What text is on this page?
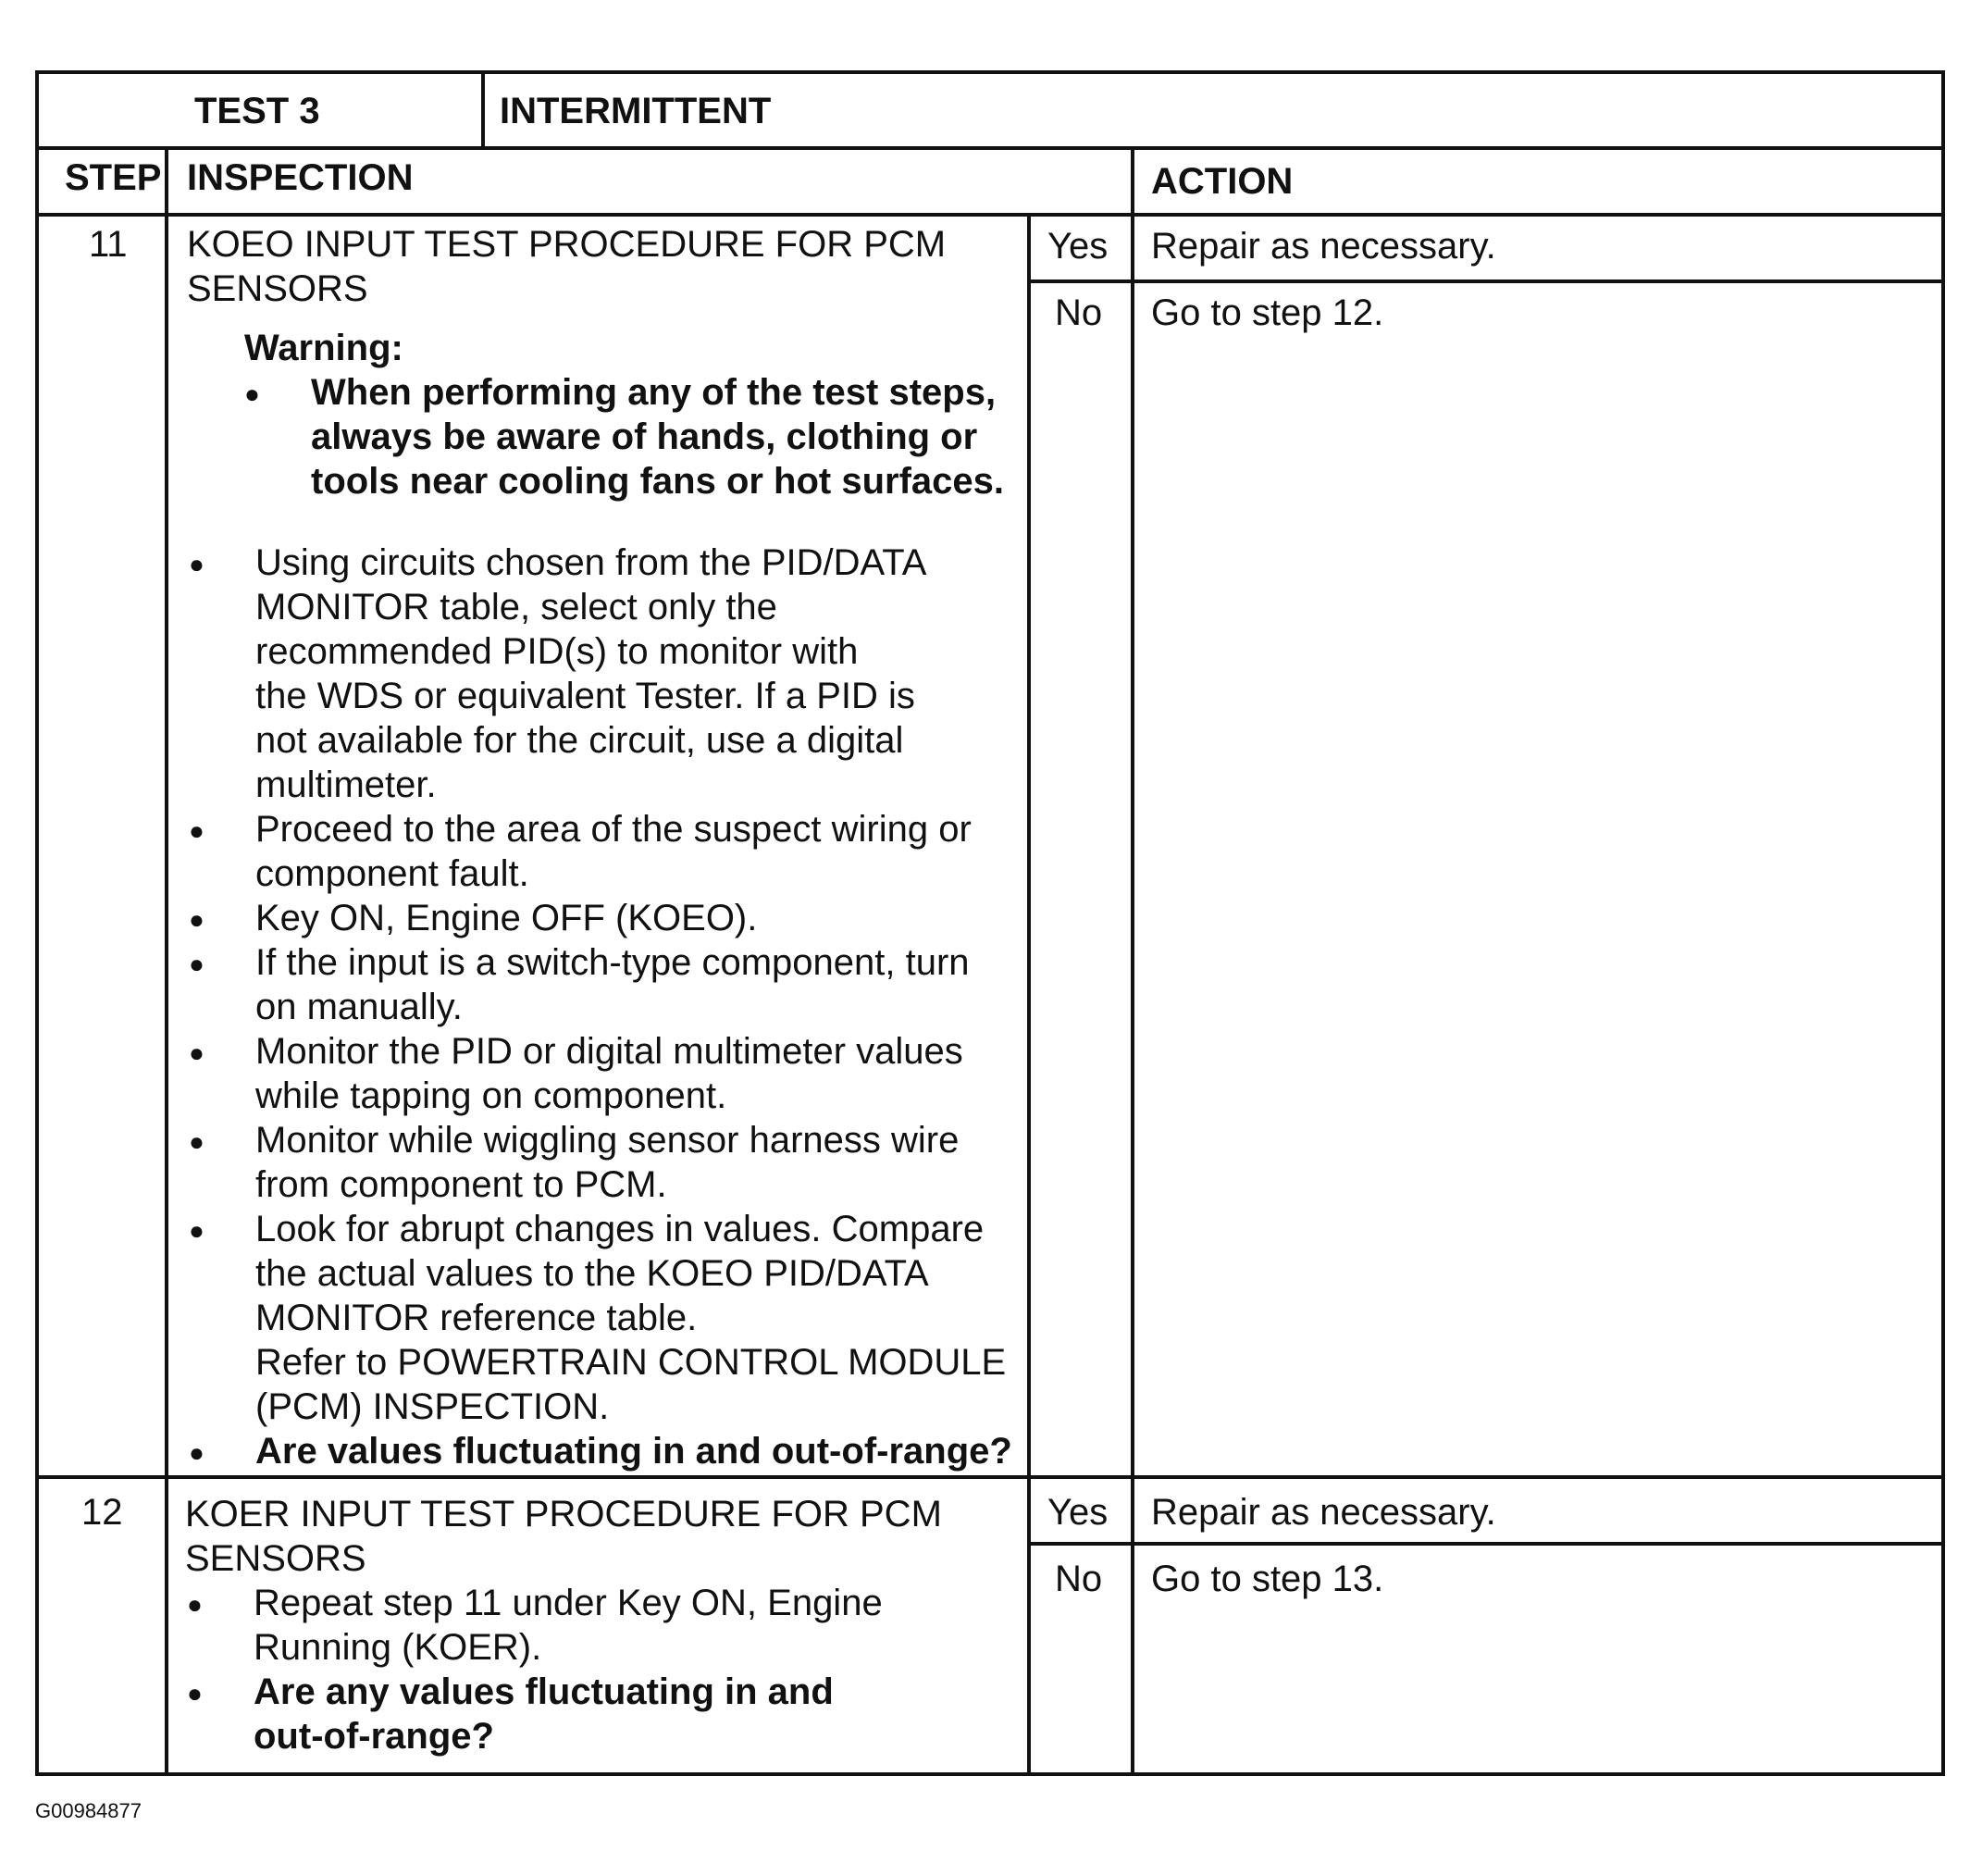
TEST 3	INTERMITTENT
STEP INSPECTION	ACTION
11 KOEO INPUT TEST PROCEDURE FOR PCM
SENSORS
Warning:
● When performing any of the test steps,
always be aware of hands, clothing or
tools near cooling fans or hot surfaces.
● Using circuits chosen from the PID/DATA
MONITOR table, select only the
recommended PID(s) to monitor with
the WDS or equivalent Tester. If a PID is
not available for the circuit, use a digital
multimeter.
● Proceed to the area of the suspect wiring or
component fault.
● Key ON, Engine OFF (KOEO).
● If the input is a switch-type component, turn
on manually.
● Monitor the PID or digital multimeter values
while tapping on component.
● Monitor while wiggling sensor harness wire
from component to PCM.
● Look for abrupt changes in values. Compare
the actual values to the KOEO PID/DATA
MONITOR reference table.
Refer to POWERTRAIN CONTROL MODULE
(PCM) INSPECTION.
● Are values fluctuating in and out-of-range?
Yes Repair as necessary.
No Go to step 12.
12 KOER INPUT TEST PROCEDURE FOR PCM
SENSORS
● Repeat step 11 under Key ON, Engine
Running (KOER).
● Are any values fluctuating in and
out-of-range?
Yes Repair as necessary.
No Go to step 13.
G00984877
